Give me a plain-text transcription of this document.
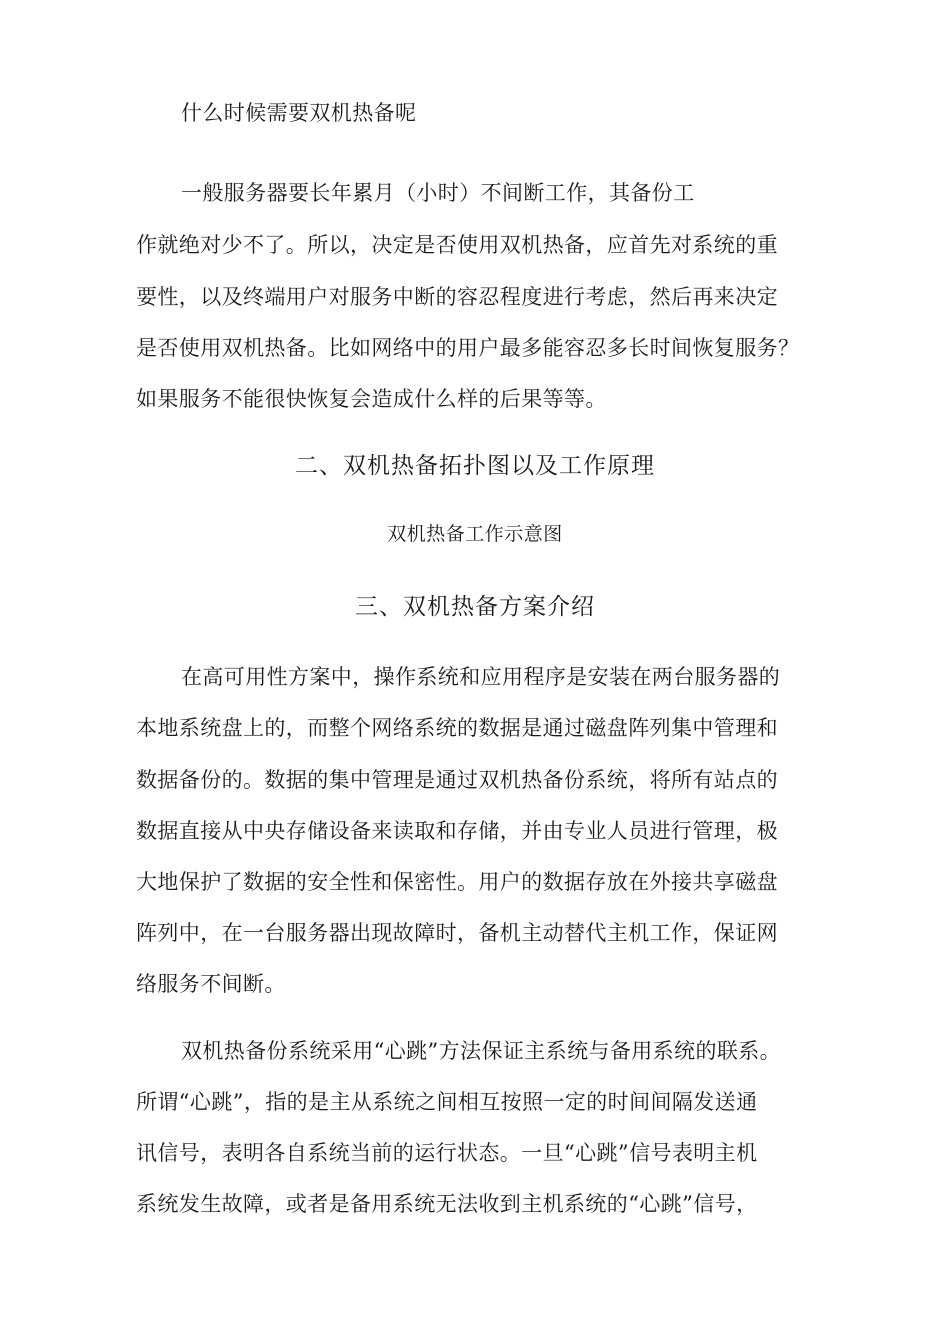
什么时候需要双机热备呢
一般服务器要长年累月（小时）不间断工作，其备份工
作就绝对少不了。所以，决定是否使用双机热备，应首先对系统的重
要性，以及终端用户对服务中断的容忍程度进行考虑，然后再来决定
是否使用双机热备。比如网络中的用户最多能容忍多长时间恢复服务？
如果服务不能很快恢复会造成什么样的后果等等。
二、双机热备拓扑图以及工作原理
双机热备工作示意图
三、双机热备方案介绍
在高可用性方案中，操作系统和应用程序是安装在两台服务器的
本地系统盘上的，而整个网络系统的数据是通过磁盘阵列集中管理和
数据备份的。数据的集中管理是通过双机热备份系统，将所有站点的
数据直接从中央存储设备来读取和存储，并由专业人员进行管理，极
大地保护了数据的安全性和保密性。用户的数据存放在外接共享磁盘
阵列中，在一台服务器出现故障时，备机主动替代主机工作，保证网
络服务不间断。
双机热备份系统采用“心跳”方法保证主系统与备用系统的联系。
所谓“心跳”，指的是主从系统之间相互按照一定的时间间隔发送通
讯信号，表明各自系统当前的运行状态。一旦“心跳”信号表明主机
系统发生故障，或者是备用系统无法收到主机系统的“心跳”信号，
